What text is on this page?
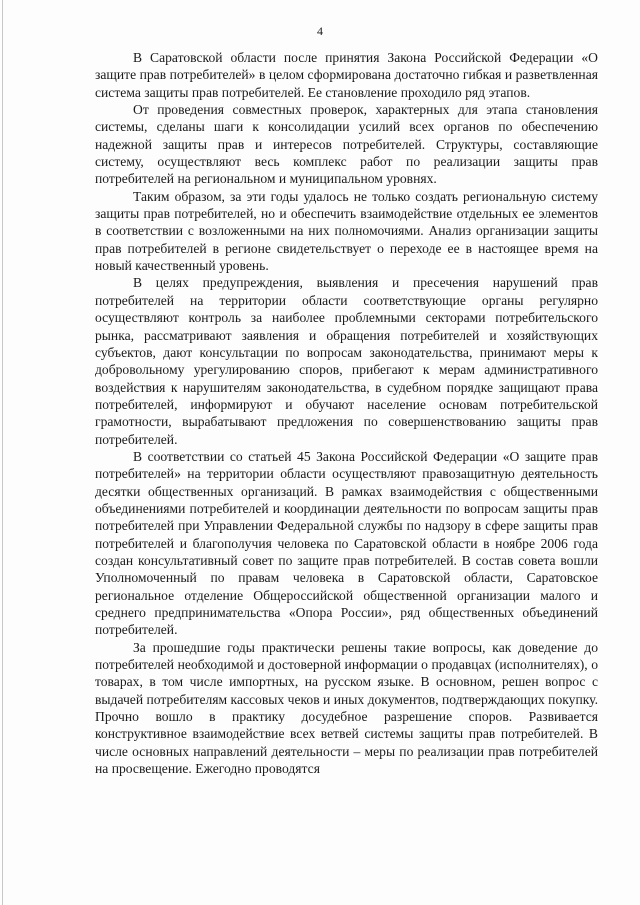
4

В Саратовской области после принятия Закона Российской Федерации «О защите прав потребителей» в целом сформирована достаточно гибкая и разветвленная система защиты прав потребителей. Ее становление проходило ряд этапов.

От проведения совместных проверок, характерных для этапа становления системы, сделаны шаги к консолидации усилий всех органов по обеспечению надежной защиты прав и интересов потребителей. Структуры, составляющие систему, осуществляют весь комплекс работ по реализации защиты прав потребителей на региональном и муниципальном уровнях.

Таким образом, за эти годы удалось не только создать региональную систему защиты прав потребителей, но и обеспечить взаимодействие отдельных ее элементов в соответствии с возложенными на них полномочиями. Анализ организации защиты прав потребителей в регионе свидетельствует о переходе ее в настоящее время на новый качественный уровень.

В целях предупреждения, выявления и пресечения нарушений прав потребителей на территории области соответствующие органы регулярно осуществляют контроль за наиболее проблемными секторами потребительского рынка, рассматривают заявления и обращения потребителей и хозяйствующих субъектов, дают консультации по вопросам законодательства, принимают меры к добровольному урегулированию споров, прибегают к мерам административного воздействия к нарушителям законодательства, в судебном порядке защищают права потребителей, информируют и обучают население основам потребительской грамотности, вырабатывают предложения по совершенствованию защиты прав потребителей.

В соответствии со статьей 45 Закона Российской Федерации «О защите прав потребителей» на территории области осуществляют правозащитную деятельность десятки общественных организаций. В рамках взаимодействия с общественными объединениями потребителей и координации деятельности по вопросам защиты прав потребителей при Управлении Федеральной службы по надзору в сфере защиты прав потребителей и благополучия человека по Саратовской области в ноябре 2006 года создан консультативный совет по защите прав потребителей. В состав совета вошли Уполномоченный по правам человека в Саратовской области, Саратовское региональное отделение Общероссийской общественной организации малого и среднего предпринимательства «Опора России», ряд общественных объединений потребителей.

За прошедшие годы практически решены такие вопросы, как доведение до потребителей необходимой и достоверной информации о продавцах (исполнителях), о товарах, в том числе импортных, на русском языке. В основном, решен вопрос с выдачей потребителям кассовых чеков и иных документов, подтверждающих покупку. Прочно вошло в практику досудебное разрешение споров. Развивается конструктивное взаимодействие всех ветвей системы защиты прав потребителей. В числе основных направлений деятельности – меры по реализации прав потребителей на просвещение. Ежегодно проводятся
